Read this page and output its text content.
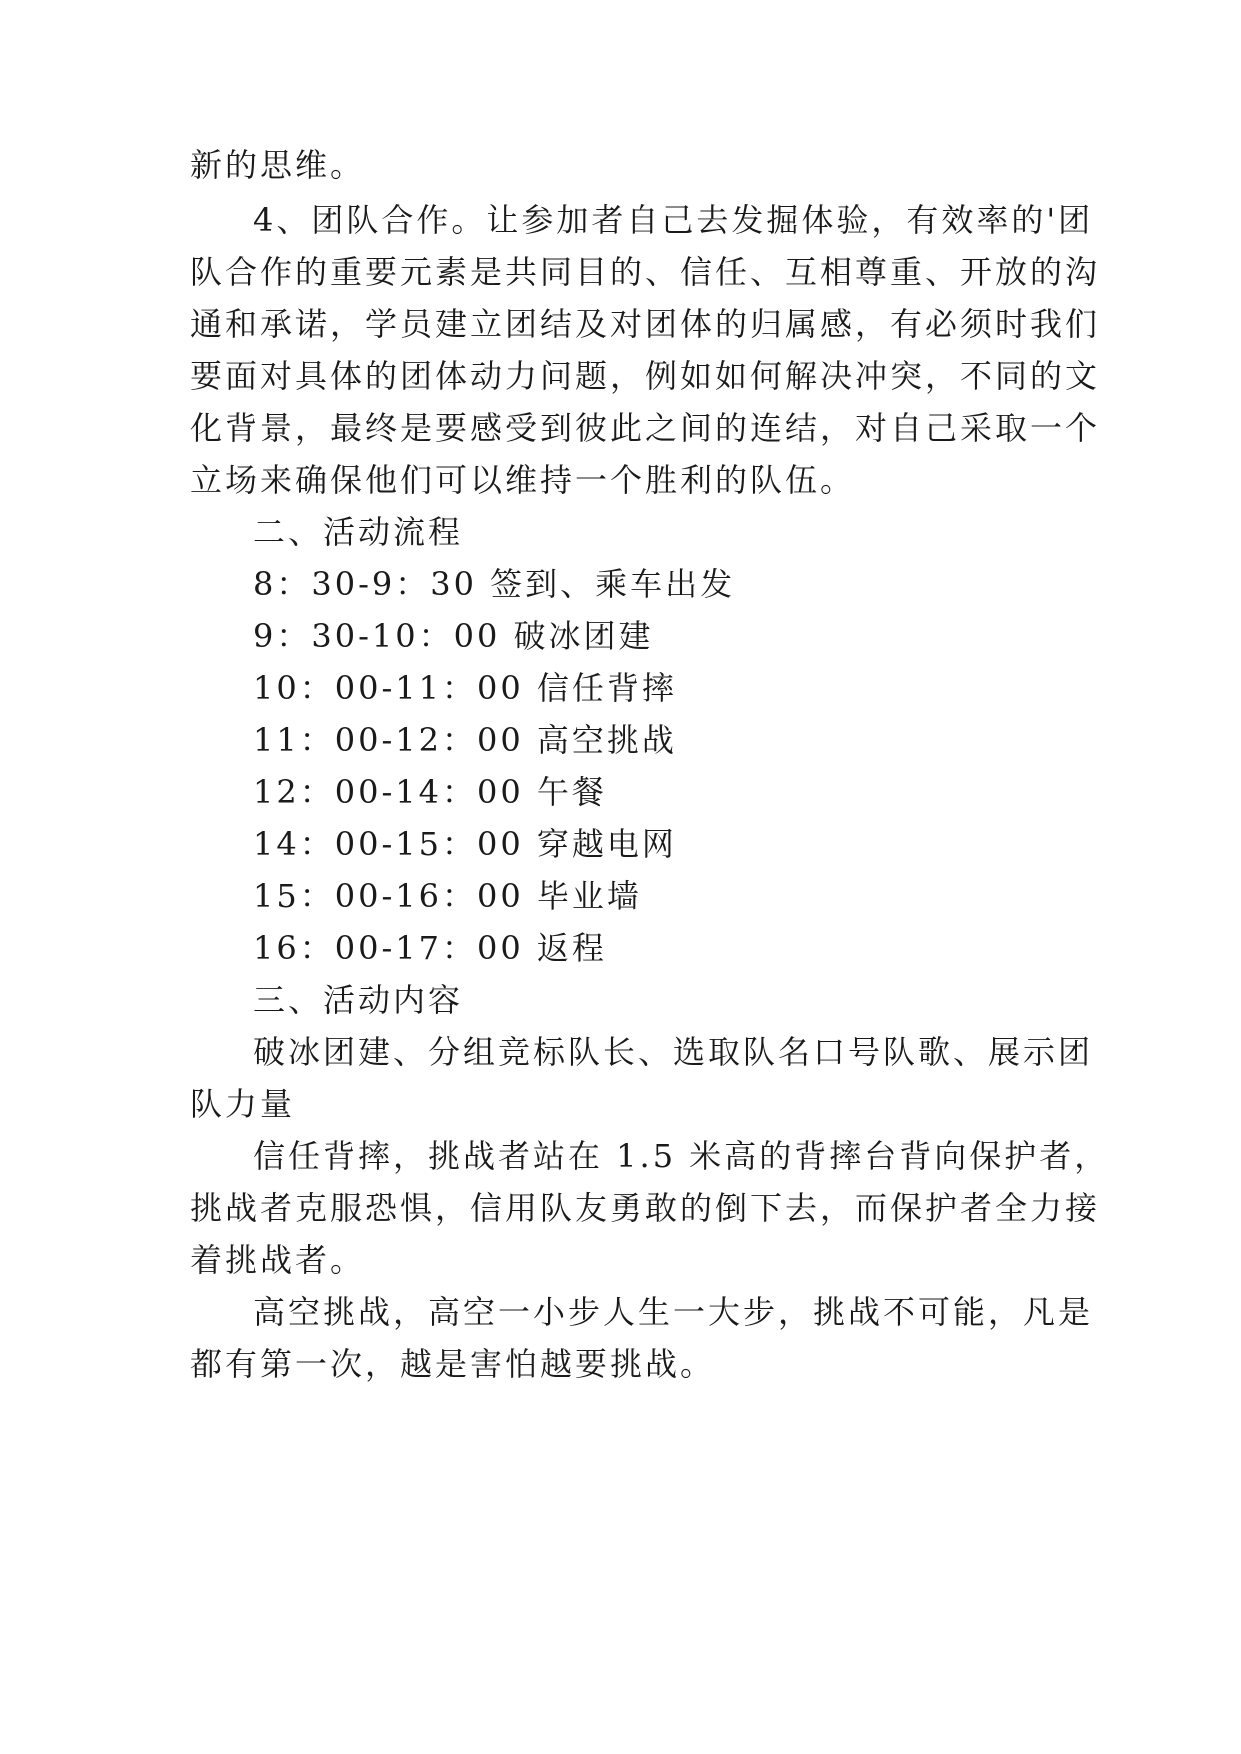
新的思维。
4、团队合作。让参加者自己去发掘体验，有效率的'团
队合作的重要元素是共同目的、信任、互相尊重、开放的沟
通和承诺，学员建立团结及对团体的归属感，有必须时我们
要面对具体的团体动力问题，例如如何解决冲突，不同的文
化背景，最终是要感受到彼此之间的连结，对自己采取一个
立场来确保他们可以维持一个胜利的队伍。
二、活动流程
8：30-9：30 签到、乘车出发
9：30-10：00 破冰团建
10：00-11：00 信任背摔
11：00-12：00 高空挑战
12：00-14：00 午餐
14：00-15：00 穿越电网
15：00-16：00 毕业墙
16：00-17：00 返程
三、活动内容
破冰团建、分组竞标队长、选取队名口号队歌、展示团
队力量
信任背摔，挑战者站在 1.5 米高的背摔台背向保护者，
挑战者克服恐惧，信用队友勇敢的倒下去，而保护者全力接
着挑战者。
高空挑战，高空一小步人生一大步，挑战不可能，凡是
都有第一次，越是害怕越要挑战。
